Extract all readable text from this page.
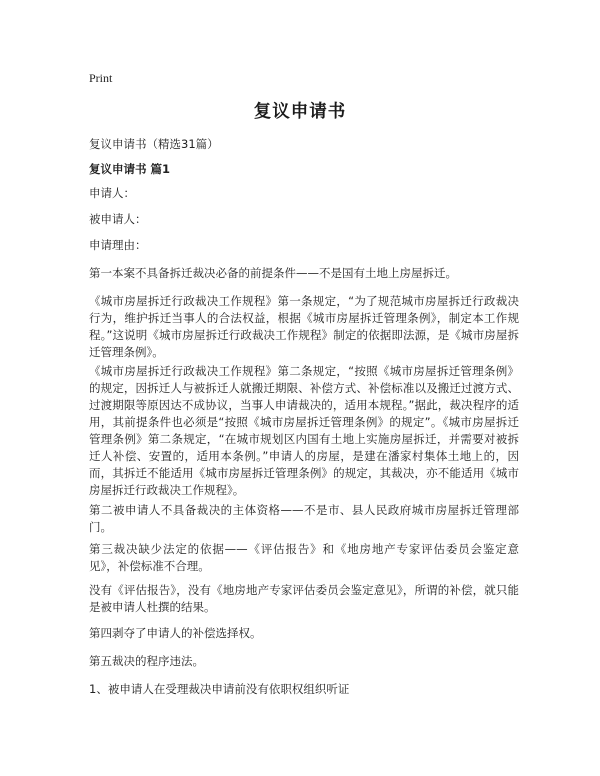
Print
复议申请书
复议申请书（精选31篇）
复议申请书 篇1

申请人：

被申请人：

申请理由：

第一本案不具备拆迁裁决必备的前提条件——不是国有土地上房屋拆迁。

《城市房屋拆迁行政裁决工作规程》第一条规定，“为了规范城市房屋拆迁行政裁决行为，维护拆迁当事人的合法权益，根据《城市房屋拆迁管理条例》，制定本工作规程。”这说明《城市房屋拆迁行政裁决工作规程》制定的依据即法源，是《城市房屋拆迁管理条例》。

《城市房屋拆迁行政裁决工作规程》第二条规定，“按照《城市房屋拆迁管理条例》的规定，因拆迁人与被拆迁人就搬迁期限、补偿方式、补偿标准以及搬迁过渡方式、过渡期限等原因达不成协议，当事人申请裁决的，适用本规程。”据此，裁决程序的适用，其前提条件也必须是“按照《城市房屋拆迁管理条例》的规定”。《城市房屋拆迁管理条例》第二条规定，“在城市规划区内国有土地上实施房屋拆迁，并需要对被拆迁人补偿、安置的，适用本条例。”申请人的房屋，是建在潘家村集体土地上的，因而，其拆迁不能适用《城市房屋拆迁管理条例》的规定，其裁决，亦不能适用《城市房屋拆迁行政裁决工作规程》。

第二被申请人不具备裁决的主体资格——不是市、县人民政府城市房屋拆迁管理部门。

第三裁决缺少法定的依据——《评估报告》和《地房地产专家评估委员会鉴定意见》，补偿标准不合理。

没有《评估报告》，没有《地房地产专家评估委员会鉴定意见》，所谓的补偿，就只能是被申请人杜撰的结果。

第四剥夺了申请人的补偿选择权。

第五裁决的程序违法。

1、被申请人在受理裁决申请前没有依职权组织听证
